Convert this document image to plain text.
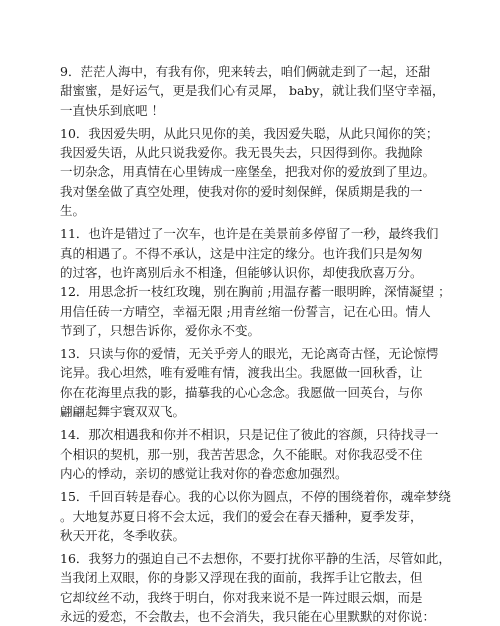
9．茫茫人海中，有我有你，兜来转去，咱们俩就走到了一起，还甜
甜蜜蜜，是好运气，更是我们心有灵犀， baby，就让我们坚守幸福，
一直快乐到底吧 ！
10．我因爱失明，从此只见你的美，我因爱失聪，从此只闻你的笑；
我因爱失语，从此只说我爱你。我无畏失去，只因得到你。我抛除
一切杂念，用真情在心里铸成一座堡垒，把我对你的爱放到了里边。
我对堡垒做了真空处理，使我对你的爱时刻保鲜，保质期是我的一
生。
11．也许是错过了一次车，也许是在美景前多停留了一秒，最终我们
真的相遇了。不得不承认，这是中注定的缘分。也许我们只是匆匆
的过客，也许离别后永不相逢，但能够认识你，却使我欣喜万分。
12．用思念折一枝红玫瑰，别在胸前 ;用温存蓄一眼明眸，深情凝望 ；
用信任砖一方晴空，幸福无限 ;用青丝缩一份誓言，记在心田。情人
节到了，只想告诉你，爱你永不变。
13．只读与你的爱情，无关乎旁人的眼光，无论离奇古怪，无论惊愕
诧异。我心坦然，唯有爱唯有情，渡我出尘。我愿做一回秋香，让
你在花海里点我的影，描摹我的心心念念。我愿做一回英台，与你
翩翩起舞宇寰双双飞。
14．那次相遇我和你并不相识，只是记住了彼此的容颜，只待找寻一
个相识的契机，那一别，我苦苦思念，久不能眠。对你我忍受不住
内心的悸动，亲切的感觉让我对你的眷恋愈加强烈。
15．千回百转是春心。我的心以你为圆点，不停的围绕着你，魂牵梦绕
。大地复苏夏日将不会太远，我们的爱会在春天播种，夏季发芽，
秋天开花，冬季收获。
16．我努力的强迫自己不去想你，不要打扰你平静的生活，尽管如此，
当我闭上双眼，你的身影又浮现在我的面前，我挥手让它散去，但
它却纹丝不动，我终于明白，你对我来说不是一阵过眼云烟，而是
永远的爱恋，不会散去，也不会消失，我只能在心里默默的对你说：
